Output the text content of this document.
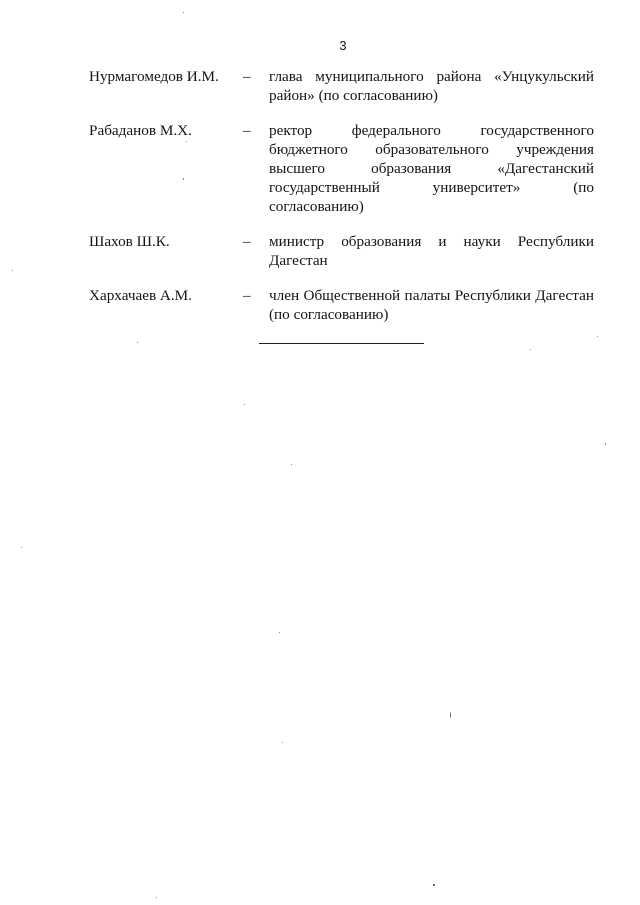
3
Нурмагомедов И.М.	–	глава муниципального района «Унцукульский район» (по согласованию)
Рабаданов М.Х.	–	ректор федерального государственного бюджетного образовательного учреждения высшего образования «Дагестанский государственный университет» (по согласованию)
Шахов Ш.К.	–	министр образования и науки Республики Дагестан
Хархачаев А.М.	–	член Общественной палаты Республики Дагестан (по согласованию)
